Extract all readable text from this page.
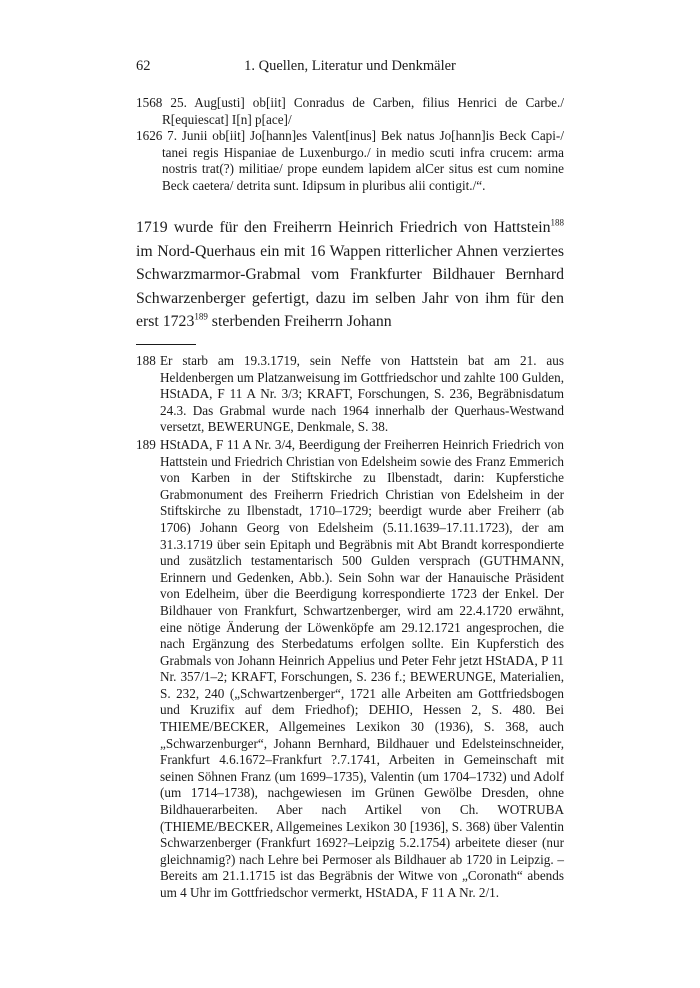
62	1. Quellen, Literatur und Denkmäler

1568 25. Aug[usti] ob[iit] Conradus de Carben, filius Henrici de Carbe./ R[equiescat] I[n] p[ace]/

1626 7. Junii ob[iit] Jo[hann]es Valent[inus] Bek natus Jo[hann]is Beck Capi-/ tanei regis Hispaniae de Luxenburgo./ in medio scuti infra crucem: arma nostris trat(?) militiae/ prope eundem lapidem alCer situs est cum nomine Beck caetera/ detrita sunt. Idipsum in pluribus alii contigit./“.

1719 wurde für den Freiherrn Heinrich Friedrich von Hattstein$^{188}$ im Nord-Querhaus ein mit 16 Wappen ritterlicher Ahnen verziertes Schwarzmarmor-Grabmal vom Frankfurter Bildhauer Bernhard Schwarzenberger gefertigt, dazu im selben Jahr von ihm für den erst 1723$^{189}$ sterbenden Freiherrn Johann

188 Er starb am 19.3.1719, sein Neffe von Hattstein bat am 21. aus Heldenbergen um Platzanweisung im Gottfriedschor und zahlte 100 Gulden, HStADA, F 11 A Nr. 3/3; KRAFT, Forschungen, S. 236, Begräbnisdatum 24.3. Das Grabmal wurde nach 1964 innerhalb der Querhaus-Westwand versetzt, BEWERUNGE, Denkmale, S. 38.
189 HStADA, F 11 A Nr. 3/4, Beerdigung der Freiherren Heinrich Friedrich von Hattstein und Friedrich Christian von Edelsheim sowie des Franz Emmerich von Karben in der Stiftskirche zu Ilbenstadt, darin: Kupferstiche Grabmonument des Freiherrn Friedrich Christian von Edelsheim in der Stiftskirche zu Ilbenstadt, 1710–1729; beerdigt wurde aber Freiherr (ab 1706) Johann Georg von Edelsheim (5.11.1639–17.11.1723), der am 31.3.1719 über sein Epitaph und Begräbnis mit Abt Brandt korrespondierte und zusätzlich testamentarisch 500 Gulden versprach (GUTHMANN, Erinnern und Gedenken, Abb.). Sein Sohn war der Hanauische Präsident von Edelheim, über die Beerdigung korrespondierte 1723 der Enkel. Der Bildhauer von Frankfurt, Schwartzenberger, wird am 22.4.1720 erwähnt, eine nötige Änderung der Löwenköpfe am 29.12.1721 angesprochen, die nach Ergänzung des Sterbedatums erfolgen sollte. Ein Kupferstich des Grabmals von Johann Heinrich Appelius und Peter Fehr jetzt HStADA, P 11 Nr. 357/1–2; KRAFT, Forschungen, S. 236 f.; BEWERUNGE, Materialien, S. 232, 240 („Schwartzenberger“, 1721 alle Arbeiten am Gottfriedsbogen und Kruzifix auf dem Friedhof); DEHIO, Hessen 2, S. 480. Bei THIEME/BECKER, Allgemeines Lexikon 30 (1936), S. 368, auch „Schwarzenburger“, Johann Bernhard, Bildhauer und Edelsteinschneider, Frankfurt 4.6.1672–Frankfurt ?.7.1741, Arbeiten in Gemeinschaft mit seinen Söhnen Franz (um 1699–1735), Valentin (um 1704–1732) und Adolf (um 1714–1738), nachgewiesen im Grünen Gewölbe Dresden, ohne Bildhauerarbeiten. Aber nach Artikel von Ch. WOTRUBA (THIEME/BECKER, Allgemeines Lexikon 30 [1936], S. 368) über Valentin Schwarzenberger (Frankfurt 1692?–Leipzig 5.2.1754) arbeitete dieser (nur gleichnamig?) nach Lehre bei Permoser als Bildhauer ab 1720 in Leipzig. – Bereits am 21.1.1715 ist das Begräbnis der Witwe von „Coronath“ abends um 4 Uhr im Gottfriedschor vermerkt, HStADA, F 11 A Nr. 2/1.
